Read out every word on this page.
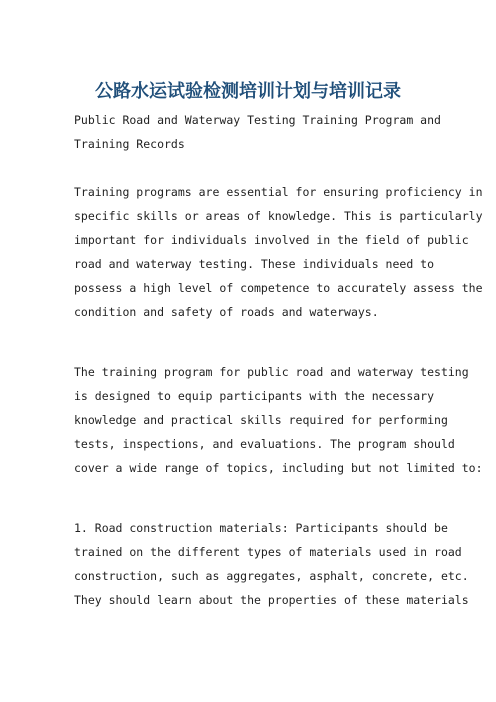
公路水运试验检测培训计划与培训记录
Public Road and Waterway Testing Training Program and
Training Records
Training programs are essential for ensuring proficiency in
specific skills or areas of knowledge. This is particularly
important for individuals involved in the field of public
road and waterway testing. These individuals need to
possess a high level of competence to accurately assess the
condition and safety of roads and waterways.
The training program for public road and waterway testing
is designed to equip participants with the necessary
knowledge and practical skills required for performing
tests, inspections, and evaluations. The program should
cover a wide range of topics, including but not limited to:
1. Road construction materials: Participants should be
trained on the different types of materials used in road
construction, such as aggregates, asphalt, concrete, etc.
They should learn about the properties of these materials
